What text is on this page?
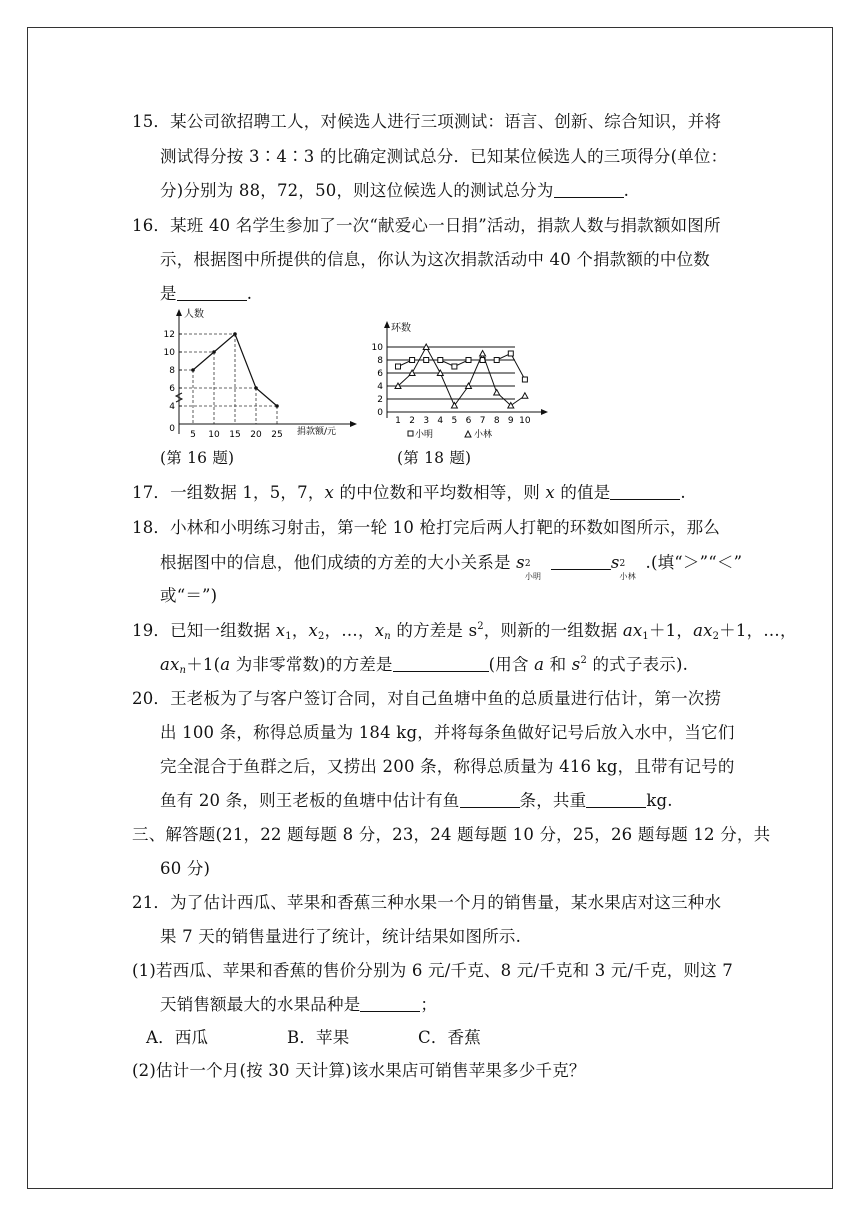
15．某公司欲招聘工人，对候选人进行三项测试：语言、创新、综合知识，并将
测试得分按 3∶4∶3 的比确定测试总分．已知某位候选人的三项得分(单位：
分)分别为 88，72，50，则这位候选人的测试总分为	.
16．某班 40 名学生参加了一次“献爱心一日捐”活动，捐款人数与捐款额如图所
示，根据图中所提供的信息，你认为这次捐款活动中 40 个捐款额的中位数
是	.
人数
捐款额/元
5 10 15 20 25
0
4
6
8
10
12
环数
0
2
4
6
8
10
1 2 3 4 5 6 7 8 9 10
小明	小林
(第 16 题)	(第 18 题)
17．一组数据 1，5，7，x 的中位数和平均数相等，则 x 的值是	.
18．小林和小明练习射击，第一轮 10 枪打完后两人打靶的环数如图所示，那么
根据图中的信息，他们成绩的方差的大小关系是 s 2
小明
s 2
小林
.(填“＞”“＜”
或“＝”)
19．已知一组数据 $x_1$，$x_2$，…，$x_n$ 的方差是 $s^2$，则新的一组数据 $ax_1+1$，$ax_2+1$，…，
$ax_n+1(a$ 为非零常数)的方差是	(用含 a 和 $s^2$ 的式子表示).
20．王老板为了与客户签订合同，对自己鱼塘中鱼的总质量进行估计，第一次捞
出 100 条，称得总质量为 184 kg，并将每条鱼做好记号后放入水中，当它们
完全混合于鱼群之后，又捞出 200 条，称得总质量为 416 kg，且带有记号的
鱼有 20 条，则王老板的鱼塘中估计有鱼	条，共重	kg.
三、解答题(21，22 题每题 8 分，23，24 题每题 10 分，25，26 题每题 12 分，共
60 分)
21．为了估计西瓜、苹果和香蕉三种水果一个月的销售量，某水果店对这三种水
果 7 天的销售量进行了统计，统计结果如图所示.
(1)若西瓜、苹果和香蕉的售价分别为 6 元/千克、8 元/千克和 3 元/千克，则这 7
天销售额最大的水果品种是	；
A．西瓜	B．苹果	C．香蕉
(2)估计一个月(按 30 天计算)该水果店可销售苹果多少千克？
